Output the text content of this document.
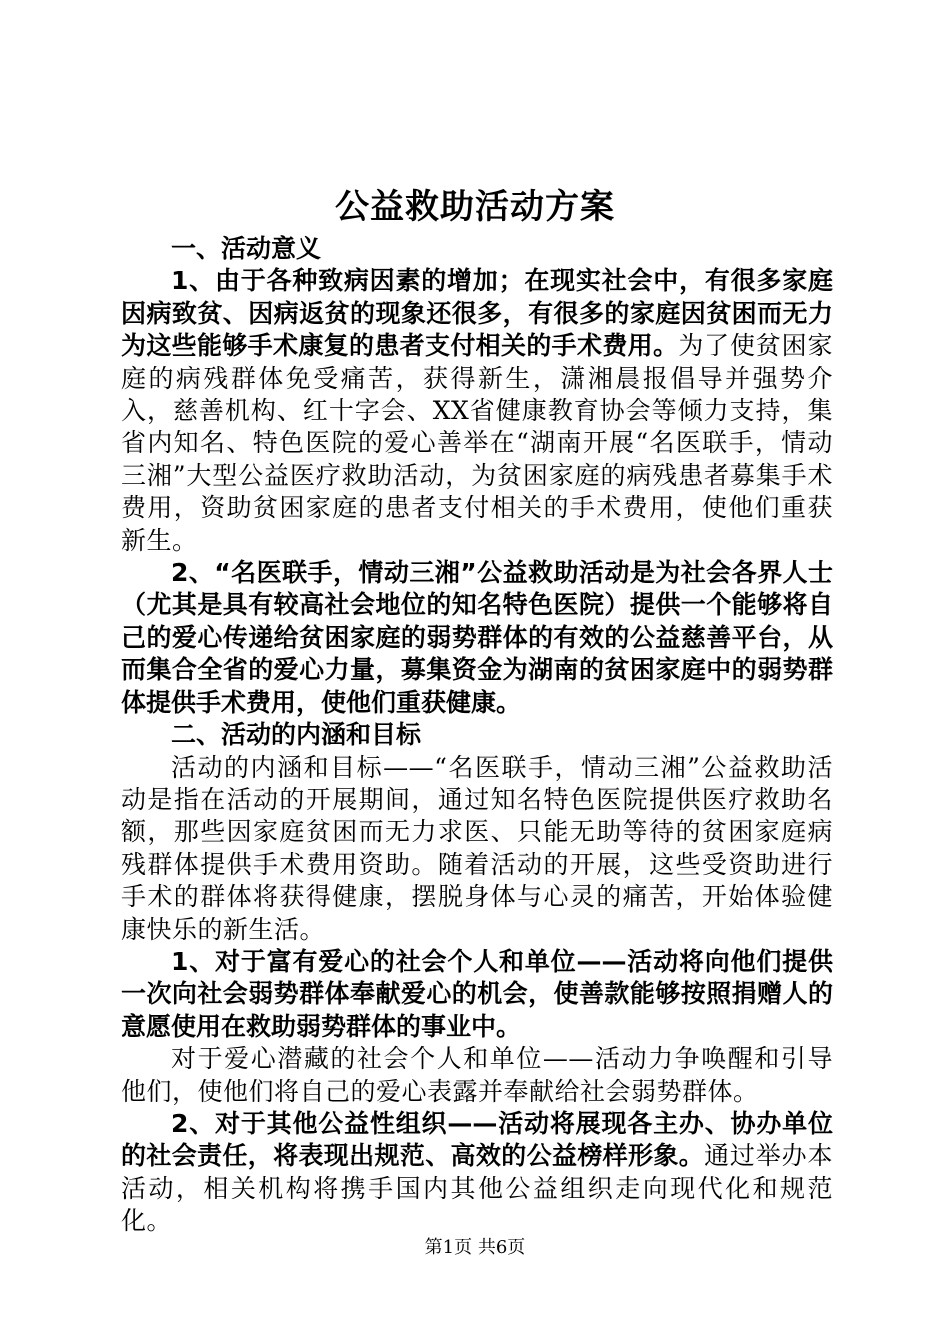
公益救助活动方案

一、活动意义

1、由于各种致病因素的增加；在现实社会中，有很多家庭因病致贫、因病返贫的现象还很多，有很多的家庭因贫困而无力为这些能够手术康复的患者支付相关的手术费用。为了使贫困家庭的病残群体免受痛苦，获得新生，潇湘晨报倡导并强势介入，慈善机构、红十字会、XX省健康教育协会等倾力支持，集省内知名、特色医院的爱心善举在“湖南开展“名医联手，情动三湘”大型公益医疗救助活动，为贫困家庭的病残患者募集手术费用，资助贫困家庭的患者支付相关的手术费用，使他们重获新生。

2、“名医联手，情动三湘”公益救助活动是为社会各界人士（尤其是具有较高社会地位的知名特色医院）提供一个能够将自己的爱心传递给贫困家庭的弱势群体的有效的公益慈善平台，从而集合全省的爱心力量，募集资金为湖南的贫困家庭中的弱势群体提供手术费用，使他们重获健康。

二、活动的内涵和目标

活动的内涵和目标——“名医联手，情动三湘”公益救助活动是指在活动的开展期间，通过知名特色医院提供医疗救助名额，那些因家庭贫困而无力求医、只能无助等待的贫困家庭病残群体提供手术费用资助。随着活动的开展，这些受资助进行手术的群体将获得健康，摆脱身体与心灵的痛苦，开始体验健康快乐的新生活。

1、对于富有爱心的社会个人和单位——活动将向他们提供一次向社会弱势群体奉献爱心的机会，使善款能够按照捐赠人的意愿使用在救助弱势群体的事业中。

对于爱心潜藏的社会个人和单位——活动力争唤醒和引导他们，使他们将自己的爱心表露并奉献给社会弱势群体。

2、对于其他公益性组织——活动将展现各主办、协办单位的社会责任，将表现出规范、高效的公益榜样形象。通过举办本活动，相关机构将携手国内其他公益组织走向现代化和规范化。

第1页 共6页
